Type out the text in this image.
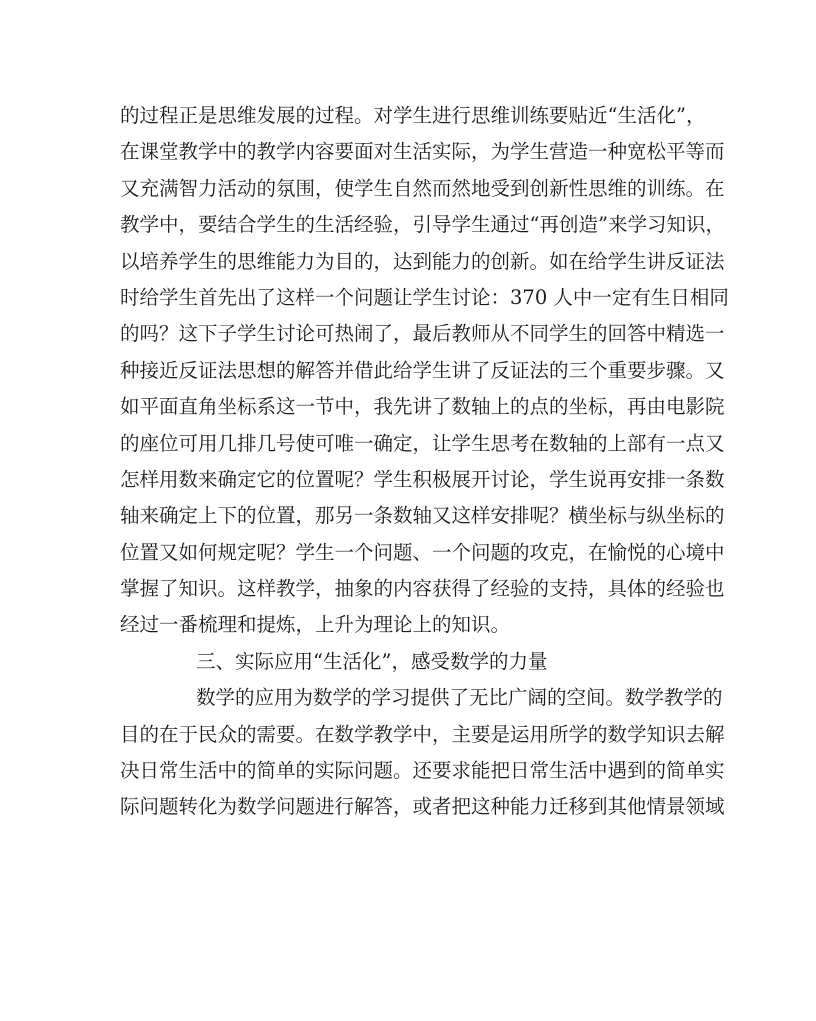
的过程正是思维发展的过程。对学生进行思维训练要贴近“生活化”，
在课堂教学中的教学内容要面对生活实际，为学生营造一种宽松平等而
又充满智力活动的氛围，使学生自然而然地受到创新性思维的训练。在
教学中，要结合学生的生活经验，引导学生通过“再创造”来学习知识，
以培养学生的思维能力为目的，达到能力的创新。如在给学生讲反证法
时给学生首先出了这样一个问题让学生讨论：370 人中一定有生日相同
的吗？这下子学生讨论可热闹了，最后教师从不同学生的回答中精选一
种接近反证法思想的解答并借此给学生讲了反证法的三个重要步骤。又
如平面直角坐标系这一节中，我先讲了数轴上的点的坐标，再由电影院
的座位可用几排几号使可唯一确定，让学生思考在数轴的上部有一点又
怎样用数来确定它的位置呢？学生积极展开讨论，学生说再安排一条数
轴来确定上下的位置，那另一条数轴又这样安排呢？横坐标与纵坐标的
位置又如何规定呢？学生一个问题、一个问题的攻克，在愉悦的心境中
掌握了知识。这样教学，抽象的内容获得了经验的支持，具体的经验也
经过一番梳理和提炼，上升为理论上的知识。
三、实际应用“生活化”，感受数学的力量
数学的应用为数学的学习提供了无比广阔的空间。数学教学的
目的在于民众的需要。在数学教学中，主要是运用所学的数学知识去解
决日常生活中的简单的实际问题。还要求能把日常生活中遇到的简单实
际问题转化为数学问题进行解答，或者把这种能力迁移到其他情景领域
